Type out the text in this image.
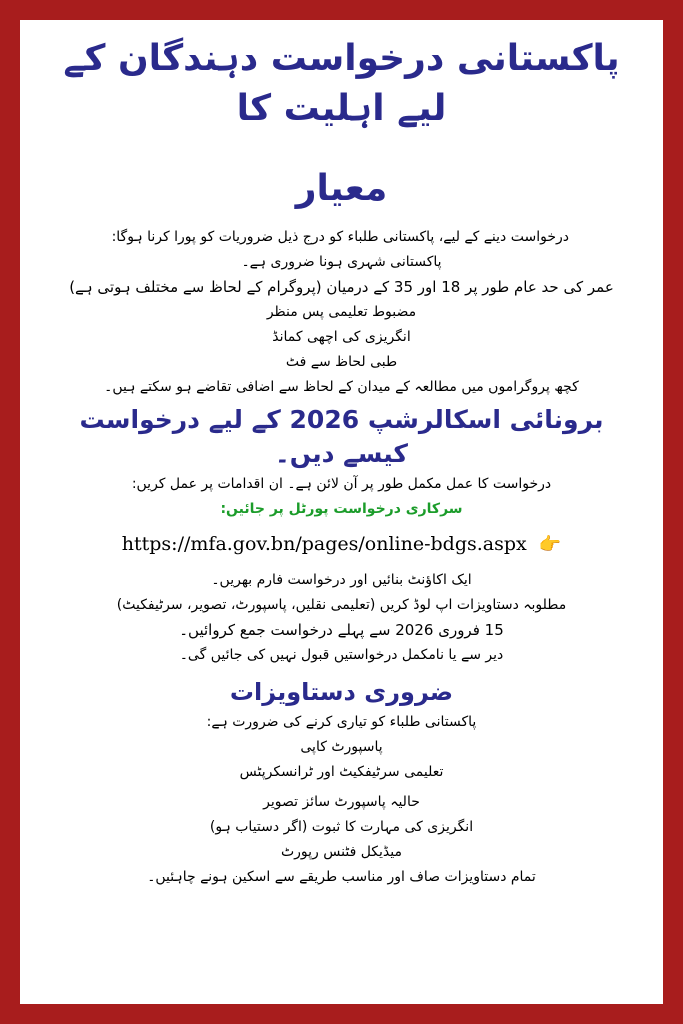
پاکستانی درخواست دہندگان کے لیے اہلیت کا
معیار
درخواست دینے کے لیے، پاکستانی طلباء کو درج ذیل ضروریات کو پورا کرنا ہوگا:
پاکستانی شہری ہونا ضروری ہے۔
عمر کی حد عام طور پر 18 اور 35 کے درمیان (پروگرام کے لحاظ سے مختلف ہوتی ہے)
مضبوط تعلیمی پس منظر
انگریزی کی اچھی کمانڈ
طبی لحاظ سے فٹ
کچھ پروگراموں میں مطالعہ کے میدان کے لحاظ سے اضافی تقاضے ہو سکتے ہیں۔
برونائی اسکالرشپ 2026 کے لیے درخواست کیسے دیں۔
درخواست کا عمل مکمل طور پر آن لائن ہے۔ ان اقدامات پر عمل کریں:
سرکاری درخواست پورٹل پر جائیں:
https://mfa.gov.bn/pages/online-bdgs.aspx 👉
ایک اکاؤنٹ بنائیں اور درخواست فارم بھریں۔
مطلوبہ دستاویزات اپ لوڈ کریں (تعلیمی نقلیں، پاسپورٹ، تصویر، سرٹیفکیٹ)
15 فروری 2026 سے پہلے درخواست جمع کروائیں۔
دیر سے یا نامکمل درخواستیں قبول نہیں کی جائیں گی۔
ضروری دستاویزات
پاکستانی طلباء کو تیاری کرنے کی ضرورت ہے:
پاسپورٹ کاپی
تعلیمی سرٹیفکیٹ اور ٹرانسکرپٹس
حالیہ پاسپورٹ سائز تصویر
انگریزی کی مہارت کا ثبوت (اگر دستیاب ہو)
میڈیکل فٹنس رپورٹ
تمام دستاویزات صاف اور مناسب طریقے سے اسکین ہونے چاہئیں۔
